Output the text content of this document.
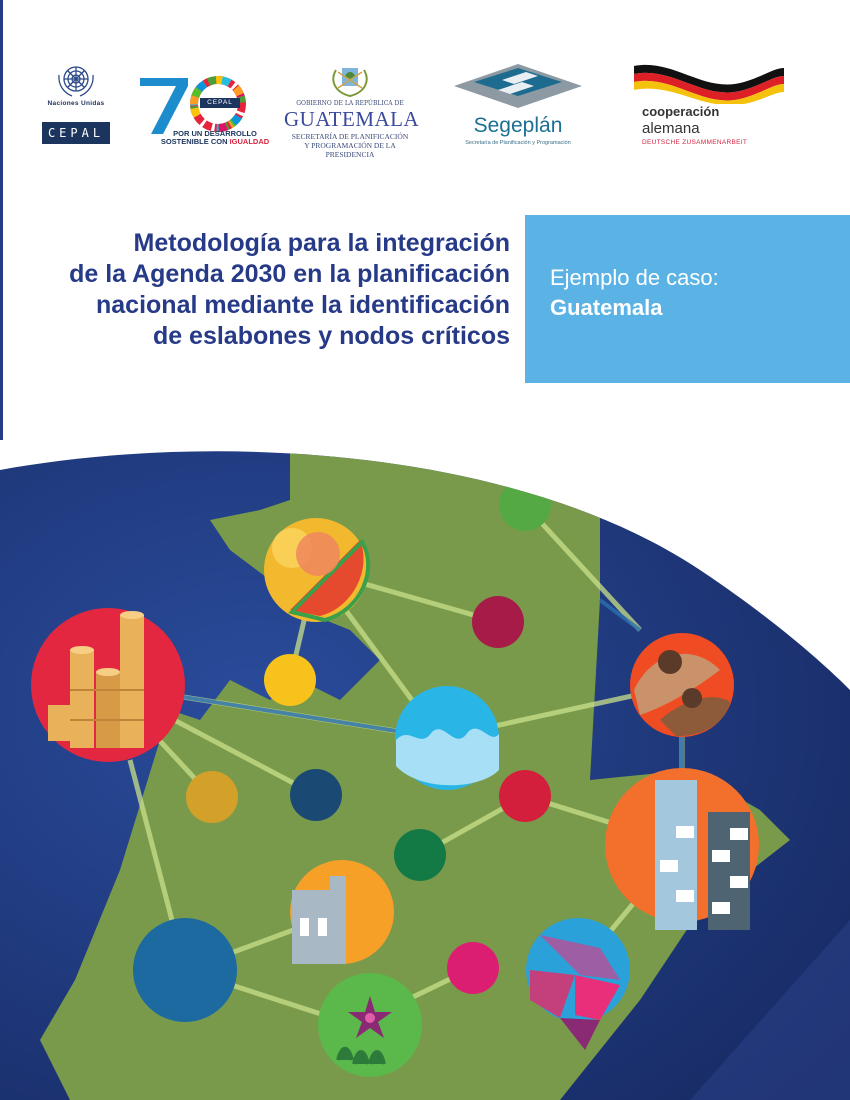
Naciones Unidas
CEPAL
CEPAL
POR UN DESARROLLO
SOSTENIBLE CON IGUALDAD
GOBIERNO DE LA REPÚBLICA DE
GUATEMALA
SECRETARÍA DE PLANIFICACIÓN
Y PROGRAMACIÓN DE LA PRESIDENCIA
Segeplán
Secretaría de Planificación y Programación
cooperación
alemana
DEUTSCHE ZUSAMMENARBEIT
Metodología para la integración
de la Agenda 2030 en la planificación
nacional mediante la identificación
de eslabones y nodos críticos
Ejemplo de caso:
Guatemala
